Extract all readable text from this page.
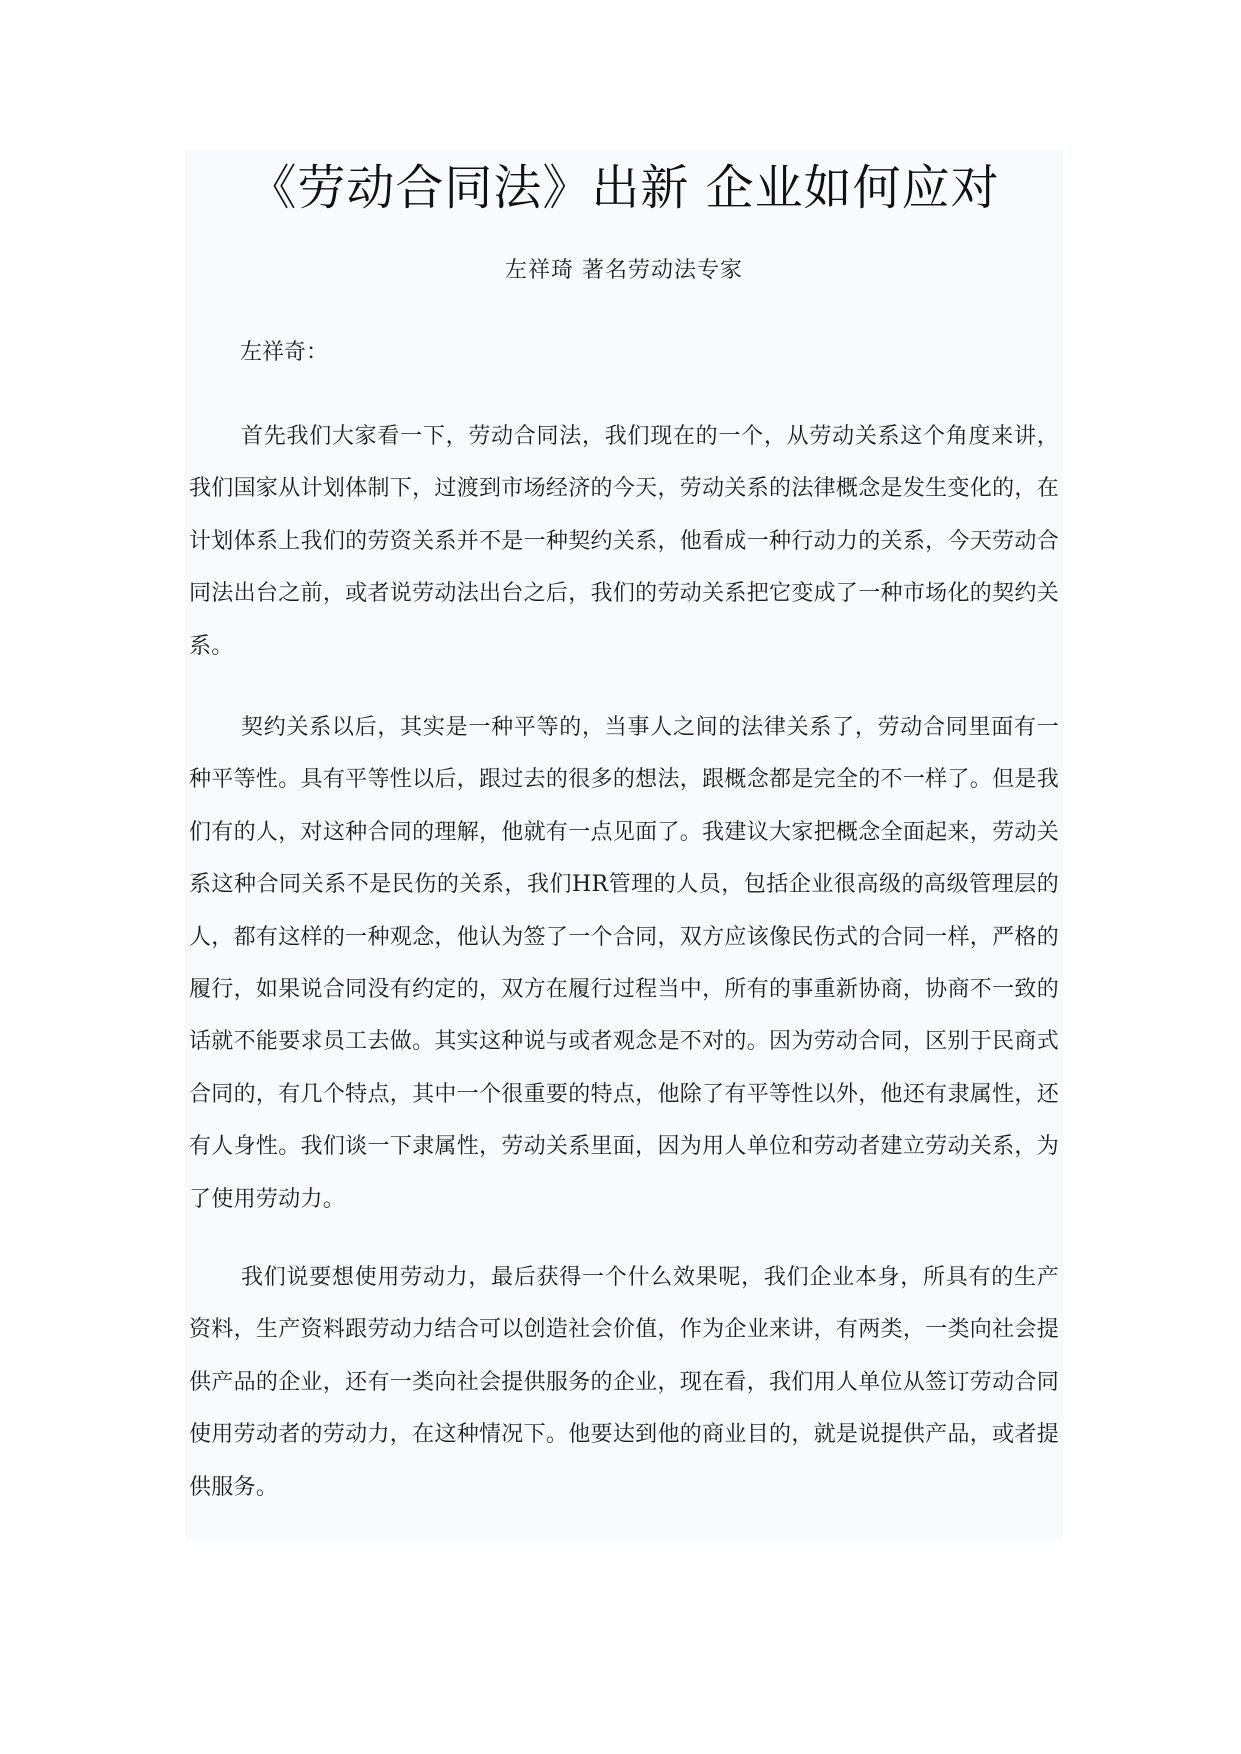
《劳动合同法》出新 企业如何应对
左祥琦 著名劳动法专家
左祥奇：

首先我们大家看一下，劳动合同法，我们现在的一个，从劳动关系这个角度来讲，我们国家从计划体制下，过渡到市场经济的今天，劳动关系的法律概念是发生变化的，在计划体系上我们的劳资关系并不是一种契约关系，他看成一种行动力的关系，今天劳动合同法出台之前，或者说劳动法出台之后，我们的劳动关系把它变成了一种市场化的契约关系。

契约关系以后，其实是一种平等的，当事人之间的法律关系了，劳动合同里面有一种平等性。具有平等性以后，跟过去的很多的想法，跟概念都是完全的不一样了。但是我们有的人，对这种合同的理解，他就有一点见面了。我建议大家把概念全面起来，劳动关系这种合同关系不是民伤的关系，我们HR管理的人员，包括企业很高级的高级管理层的人，都有这样的一种观念，他认为签了一个合同，双方应该像民伤式的合同一样，严格的履行，如果说合同没有约定的，双方在履行过程当中，所有的事重新协商，协商不一致的话就不能要求员工去做。其实这种说与或者观念是不对的。因为劳动合同，区别于民商式合同的，有几个特点，其中一个很重要的特点，他除了有平等性以外，他还有隶属性，还有人身性。我们谈一下隶属性，劳动关系里面，因为用人单位和劳动者建立劳动关系，为了使用劳动力。

我们说要想使用劳动力，最后获得一个什么效果呢，我们企业本身，所具有的生产资料，生产资料跟劳动力结合可以创造社会价值，作为企业来讲，有两类，一类向社会提供产品的企业，还有一类向社会提供服务的企业，现在看，我们用人单位从签订劳动合同使用劳动者的劳动力，在这种情况下。他要达到他的商业目的，就是说提供产品，或者提供服务。
